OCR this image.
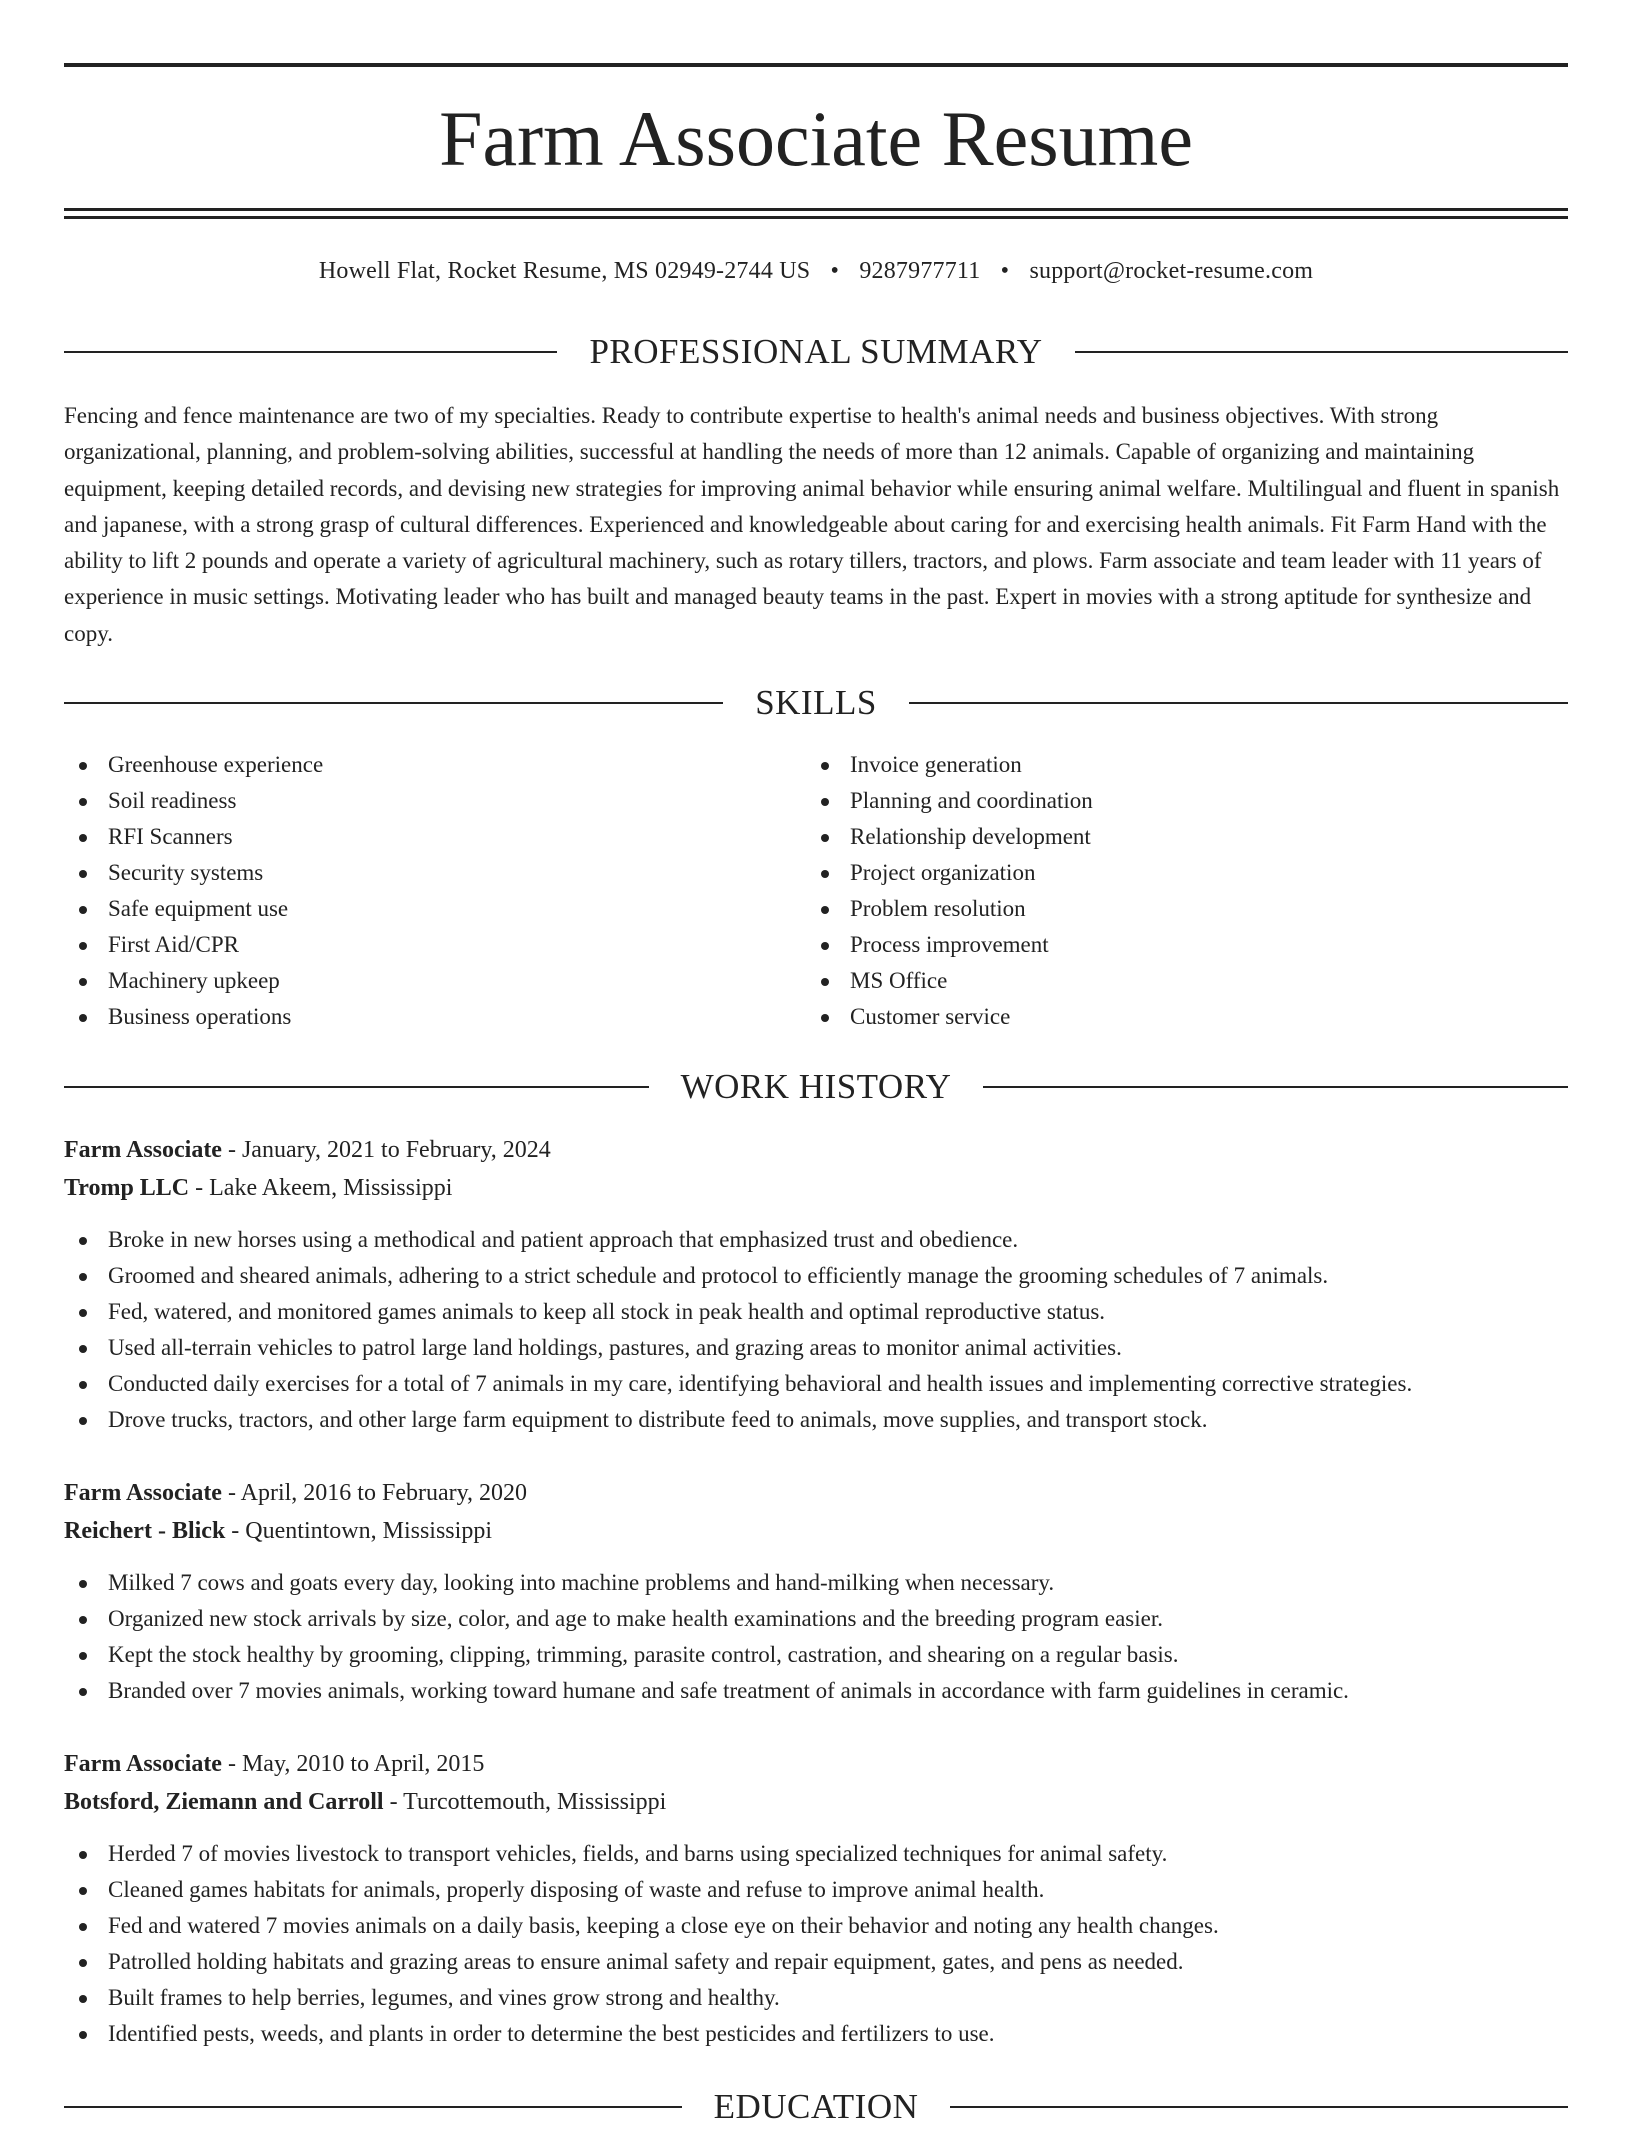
Farm Associate Resume
Howell Flat, Rocket Resume, MS 02949-2744 US • 9287977711 • support@rocket-resume.com
PROFESSIONAL SUMMARY

Fencing and fence maintenance are two of my specialties. Ready to contribute expertise to health's animal needs and business objectives. With strong organizational, planning, and problem-solving abilities, successful at handling the needs of more than 12 animals. Capable of organizing and maintaining equipment, keeping detailed records, and devising new strategies for improving animal behavior while ensuring animal welfare. Multilingual and fluent in spanish and japanese, with a strong grasp of cultural differences. Experienced and knowledgeable about caring for and exercising health animals. Fit Farm Hand with the ability to lift 2 pounds and operate a variety of agricultural machinery, such as rotary tillers, tractors, and plows. Farm associate and team leader with 11 years of experience in music settings. Motivating leader who has built and managed beauty teams in the past. Expert in movies with a strong aptitude for synthesize and copy.

SKILLS
Greenhouse experience
Soil readiness
RFI Scanners
Security systems
Safe equipment use
First Aid/CPR
Machinery upkeep
Business operations
Invoice generation
Planning and coordination
Relationship development
Project organization
Problem resolution
Process improvement
MS Office
Customer service
WORK HISTORY
Farm Associate - January, 2021 to February, 2024
Tromp LLC - Lake Akeem, Mississippi
Broke in new horses using a methodical and patient approach that emphasized trust and obedience.
Groomed and sheared animals, adhering to a strict schedule and protocol to efficiently manage the grooming schedules of 7 animals.
Fed, watered, and monitored games animals to keep all stock in peak health and optimal reproductive status.
Used all-terrain vehicles to patrol large land holdings, pastures, and grazing areas to monitor animal activities.
Conducted daily exercises for a total of 7 animals in my care, identifying behavioral and health issues and implementing corrective strategies.
Drove trucks, tractors, and other large farm equipment to distribute feed to animals, move supplies, and transport stock.
Farm Associate - April, 2016 to February, 2020
Reichert - Blick - Quentintown, Mississippi
Milked 7 cows and goats every day, looking into machine problems and hand-milking when necessary.
Organized new stock arrivals by size, color, and age to make health examinations and the breeding program easier.
Kept the stock healthy by grooming, clipping, trimming, parasite control, castration, and shearing on a regular basis.
Branded over 7 movies animals, working toward humane and safe treatment of animals in accordance with farm guidelines in ceramic.
Farm Associate - May, 2010 to April, 2015
Botsford, Ziemann and Carroll - Turcottemouth, Mississippi
Herded 7 of movies livestock to transport vehicles, fields, and barns using specialized techniques for animal safety.
Cleaned games habitats for animals, properly disposing of waste and refuse to improve animal health.
Fed and watered 7 movies animals on a daily basis, keeping a close eye on their behavior and noting any health changes.
Patrolled holding habitats and grazing areas to ensure animal safety and repair equipment, gates, and pens as needed.
Built frames to help berries, legumes, and vines grow strong and healthy.
Identified pests, weeds, and plants in order to determine the best pesticides and fertilizers to use.
EDUCATION
